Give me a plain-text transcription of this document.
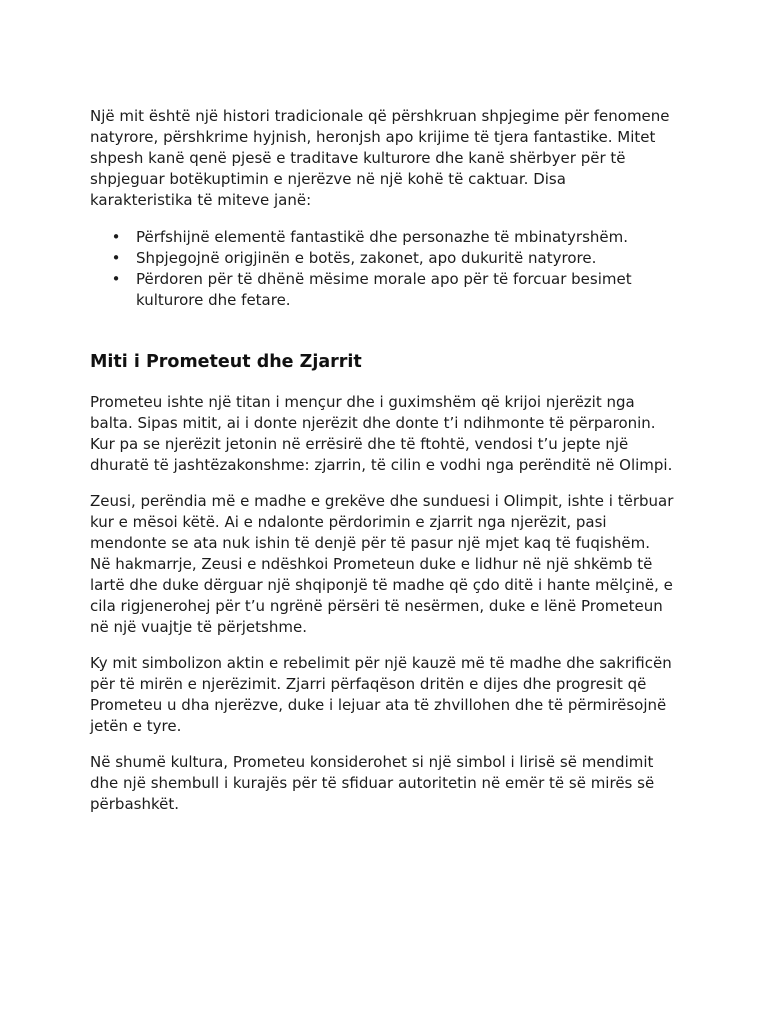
Një mit është një histori tradicionale që përshkruan shpjegime për fenomene
natyrore, përshkrime hyjnish, heronjsh apo krijime të tjera fantastike. Mitet
shpesh kanë qenë pjesë e traditave kulturore dhe kanë shërbyer për të
shpjeguar botëkuptimin e njerëzve në një kohë të caktuar. Disa
karakteristika të miteve janë:

• Përfshijnë elementë fantastikë dhe personazhe të mbinatyrshëm.
• Shpjegojnë origjinën e botës, zakonet, apo dukuritë natyrore.
• Përdoren për të dhënë mësime morale apo për të forcuar besimet
kulturore dhe fetare.
Miti i Prometeut dhe Zjarrit

Prometeu ishte një titan i mençur dhe i guximshëm që krijoi njerëzit nga
balta. Sipas mitit, ai i donte njerëzit dhe donte t’i ndihmonte të përparonin.
Kur pa se njerëzit jetonin në errësirë dhe të ftohtë, vendosi t’u jepte një
dhuratë të jashtëzakonshme: zjarrin, të cilin e vodhi nga perënditë në Olimpi.

Zeusi, perëndia më e madhe e grekëve dhe sunduesi i Olimpit, ishte i tërbuar
kur e mësoi këtë. Ai e ndalonte përdorimin e zjarrit nga njerëzit, pasi
mendonte se ata nuk ishin të denjë për të pasur një mjet kaq të fuqishëm.
Në hakmarrje, Zeusi e ndëshkoi Prometeun duke e lidhur në një shkëmb të
lartë dhe duke dërguar një shqiponjë të madhe që çdo ditë i hante mëlçinë, e
cila rigjenerohej për t’u ngrënë përsëri të nesërmen, duke e lënë Prometeun
në një vuajtje të përjetshme.

Ky mit simbolizon aktin e rebelimit për një kauzë më të madhe dhe sakrificën
për të mirën e njerëzimit. Zjarri përfaqëson dritën e dijes dhe progresit që
Prometeu u dha njerëzve, duke i lejuar ata të zhvillohen dhe të përmirësojnë
jetën e tyre.

Në shumë kultura, Prometeu konsiderohet si një simbol i lirisë së mendimit
dhe një shembull i kurajës për të sfiduar autoritetin në emër të së mirës së
përbashkët.
